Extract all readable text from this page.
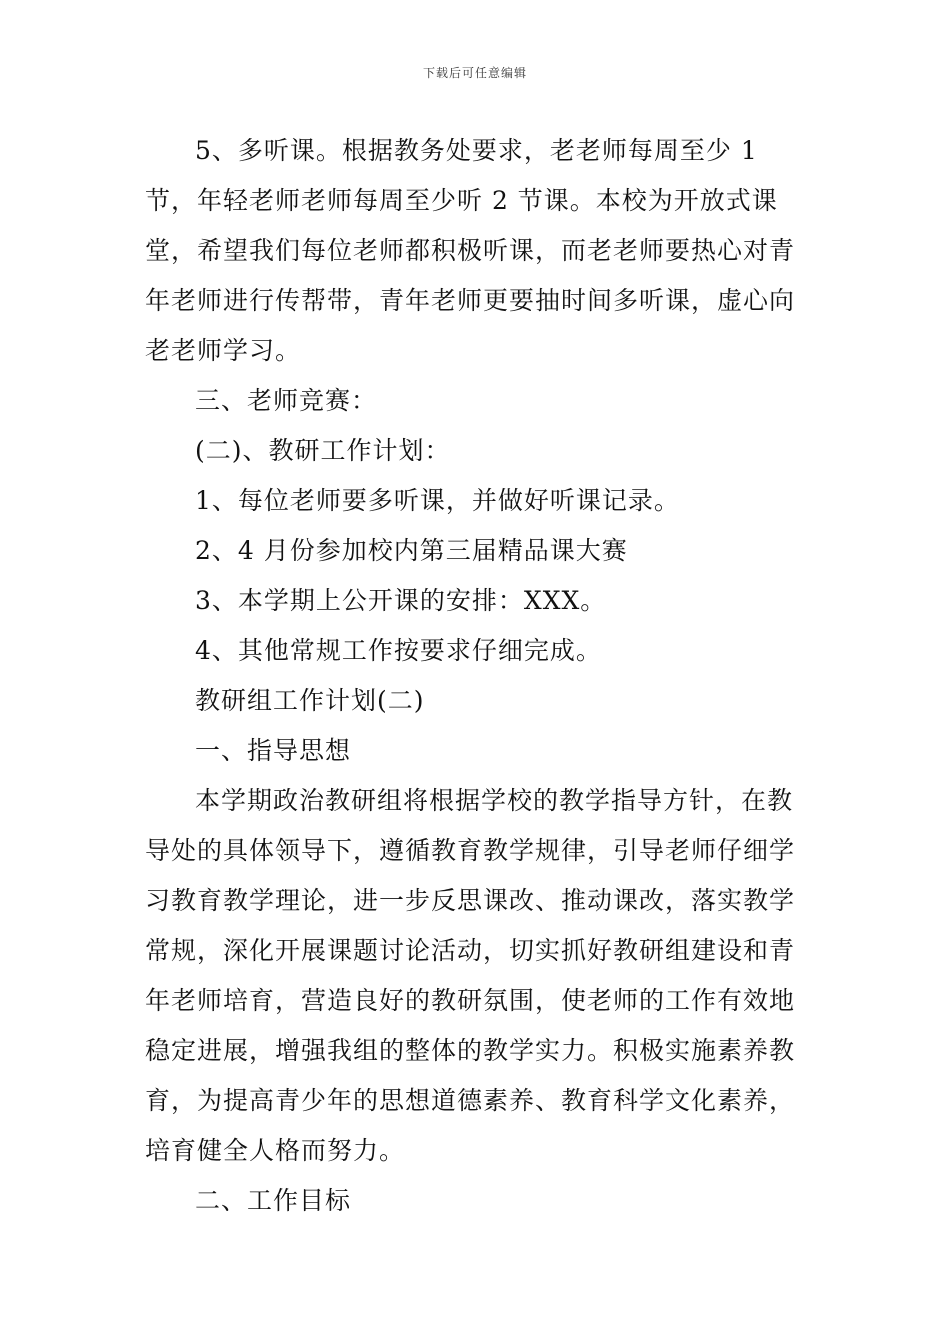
下载后可任意编辑

5、多听课。根据教务处要求，老老师每周至少 1 节，年轻老师老师每周至少听 2 节课。本校为开放式课堂，希望我们每位老师都积极听课，而老老师要热心对青年老师进行传帮带，青年老师更要抽时间多听课，虚心向老老师学习。

三、老师竞赛：

(二)、教研工作计划：

1、每位老师要多听课，并做好听课记录。

2、4 月份参加校内第三届精品课大赛

3、本学期上公开课的安排：XXX。

4、其他常规工作按要求仔细完成。

教研组工作计划(二)

一、指导思想

本学期政治教研组将根据学校的教学指导方针，在教导处的具体领导下，遵循教育教学规律，引导老师仔细学习教育教学理论，进一步反思课改、推动课改，落实教学常规，深化开展课题讨论活动，切实抓好教研组建设和青年老师培育，营造良好的教研氛围，使老师的工作有效地稳定进展，增强我组的整体的教学实力。积极实施素养教育，为提高青少年的思想道德素养、教育科学文化素养，培育健全人格而努力。

二、工作目标
